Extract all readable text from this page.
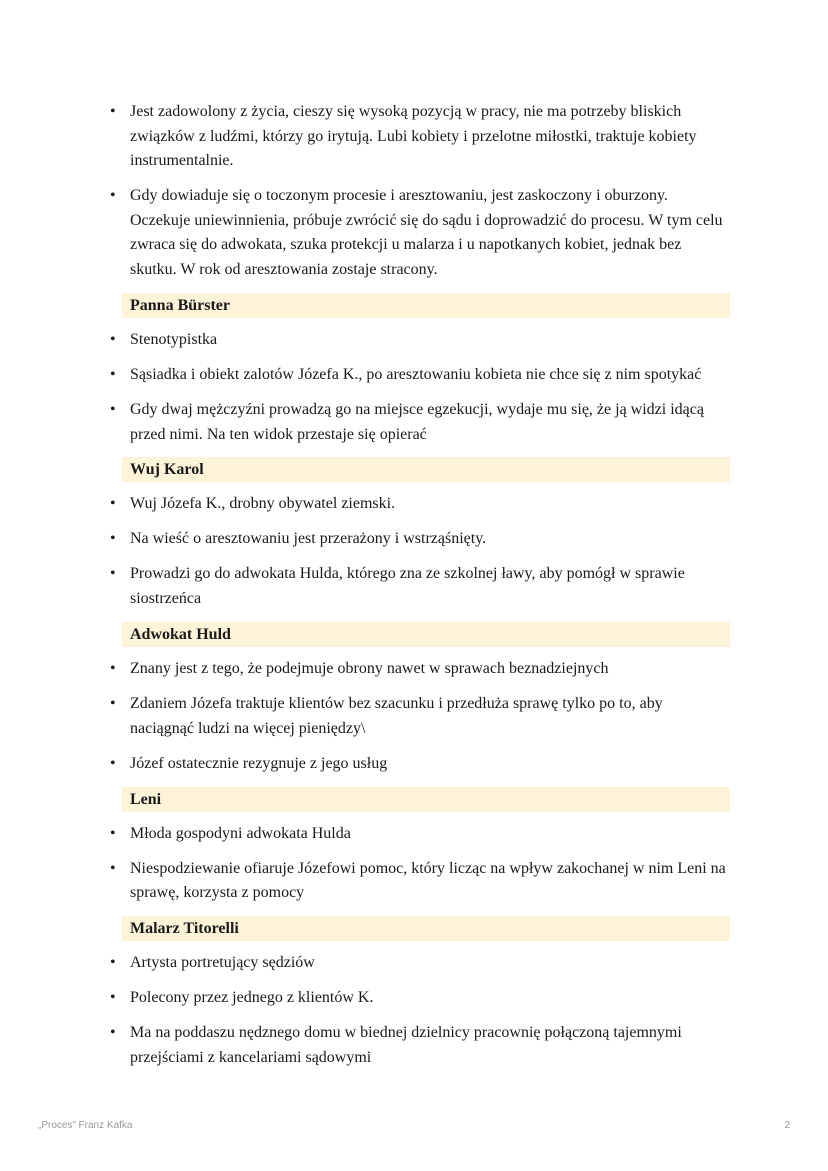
• Jest zadowolony z życia, cieszy się wysoką pozycją w pracy, nie ma potrzeby bliskich związków z ludźmi, którzy go irytują. Lubi kobiety i przelotne miłostki, traktuje kobiety instrumentalnie.
• Gdy dowiaduje się o toczonym procesie i aresztowaniu, jest zaskoczony i oburzony. Oczekuje uniewinnienia, próbuje zwrócić się do sądu i doprowadzić do procesu. W tym celu zwraca się do adwokata, szuka protekcji u malarza i u napotkanych kobiet, jednak bez skutku. W rok od aresztowania zostaje stracony.
Panna Bürster
• Stenotypistka
• Sąsiadka i obiekt zalotów Józefa K., po aresztowaniu kobieta nie chce się z nim spotykać
• Gdy dwaj mężczyźni prowadzą go na miejsce egzekucji, wydaje mu się, że ją widzi idącą przed nimi. Na ten widok przestaje się opierać
Wuj Karol
• Wuj Józefa K., drobny obywatel ziemski.
• Na wieść o aresztowaniu jest przerażony i wstrząśnięty.
• Prowadzi go do adwokata Hulda, którego zna ze szkolnej ławy, aby pomógł w sprawie siostrzeńca
Adwokat Huld
• Znany jest z tego, że podejmuje obrony nawet w sprawach beznadziejnych
• Zdaniem Józefa traktuje klientów bez szacunku i przedłuża sprawę tylko po to, aby naciągnąć ludzi na więcej pieniędzy\
• Józef ostatecznie rezygnuje z jego usług
Leni
• Młoda gospodyni adwokata Hulda
• Niespodziewanie ofiaruje Józefowi pomoc, który licząc na wpływ zakochanej w nim Leni na sprawę, korzysta z pomocy
Malarz Titorelli
• Artysta portretujący sędziów
• Polecony przez jednego z klientów K.
• Ma na poddaszu nędznego domu w biednej dzielnicy pracownię połączoną tajemnymi przejściami z kancelariami sądowymi
„Proces” Franz Kafka	2
